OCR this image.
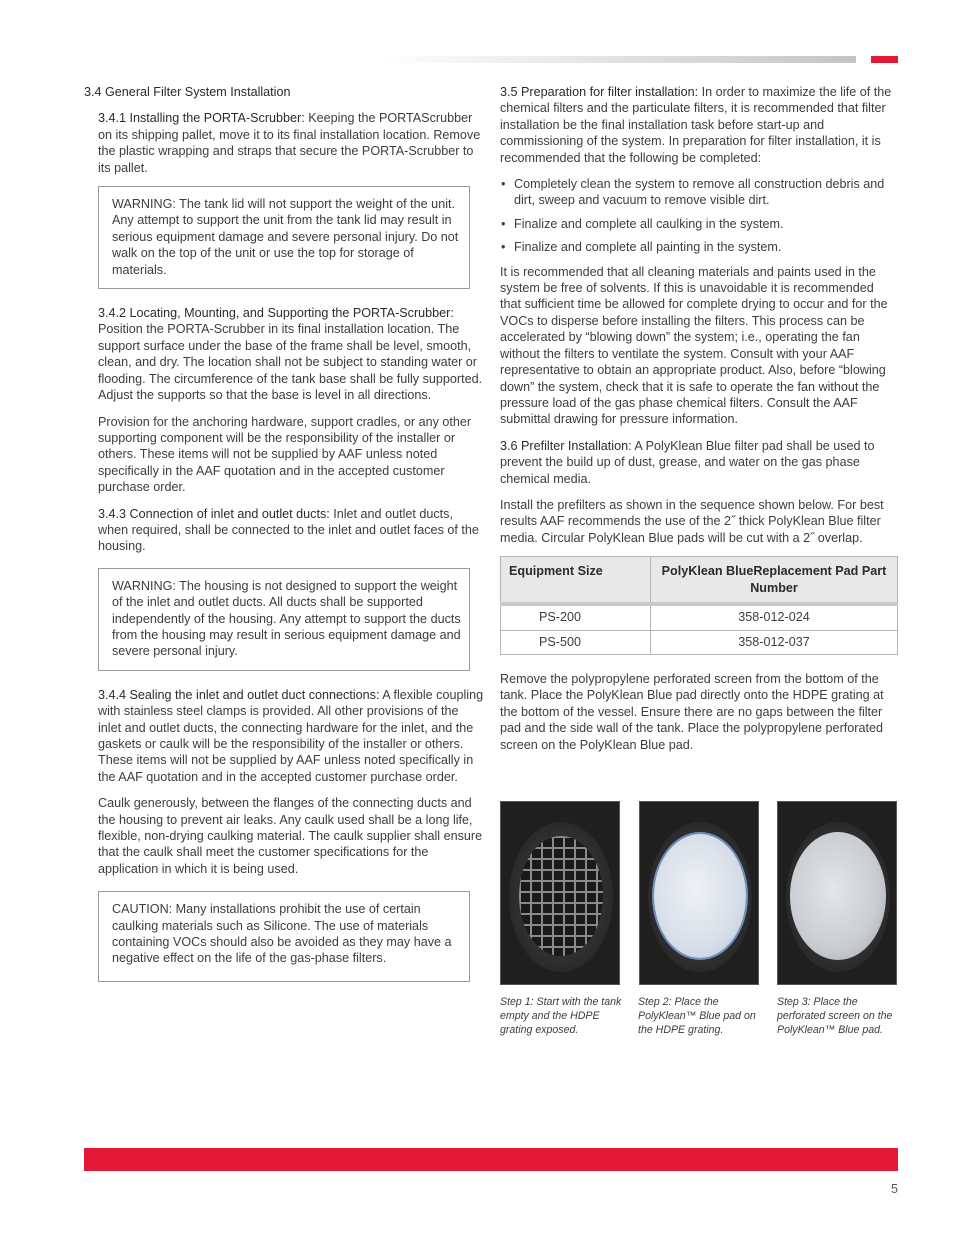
3.4 General Filter System Installation

3.4.1 Installing the PORTA-Scrubber: Keeping the PORTAScrubber on its shipping pallet, move it to its final installation location. Remove the plastic wrapping and straps that secure the PORTA-Scrubber to its pallet.

WARNING: The tank lid will not support the weight of the unit. Any attempt to support the unit from the tank lid may result in serious equipment damage and severe personal injury. Do not walk on the top of the unit or use the top for storage of materials.

3.4.2 Locating, Mounting, and Supporting the PORTA-Scrubber: Position the PORTA-Scrubber in its final installation location. The support surface under the base of the frame shall be level, smooth, clean, and dry. The location shall not be subject to standing water or flooding. The circumference of the tank base shall be fully supported. Adjust the supports so that the base is level in all directions.

Provision for the anchoring hardware, support cradles, or any other supporting component will be the responsibility of the installer or others. These items will not be supplied by AAF unless noted specifically in the AAF quotation and in the accepted customer purchase order.

3.4.3 Connection of inlet and outlet ducts: Inlet and outlet ducts, when required, shall be connected to the inlet and outlet faces of the housing.

WARNING: The housing is not designed to support the weight of the inlet and outlet ducts. All ducts shall be supported independently of the housing. Any attempt to support the ducts from the housing may result in serious equipment damage and severe personal injury.

3.4.4 Sealing the inlet and outlet duct connections: A flexible coupling with stainless steel clamps is provided. All other provisions of the inlet and outlet ducts, the connecting hardware for the inlet, and the gaskets or caulk will be the responsibility of the installer or others. These items will not be supplied by AAF unless noted specifically in the AAF quotation and in the accepted customer purchase order.

Caulk generously, between the flanges of the connecting ducts and the housing to prevent air leaks. Any caulk used shall be a long life, flexible, non-drying caulking material. The caulk supplier shall ensure that the caulk shall meet the customer specifications for the application in which it is being used.

CAUTION: Many installations prohibit the use of certain caulking materials such as Silicone. The use of materials containing VOCs should also be avoided as they may have a negative effect on the life of the gas-phase filters.

3.5 Preparation for filter installation: In order to maximize the life of the chemical filters and the particulate filters, it is recommended that filter installation be the final installation task before start-up and commissioning of the system. In preparation for filter installation, it is recommended that the following be completed:

• Completely clean the system to remove all construction debris and dirt, sweep and vacuum to remove visible dirt.
• Finalize and complete all caulking in the system.
• Finalize and complete all painting in the system.

It is recommended that all cleaning materials and paints used in the system be free of solvents. If this is unavoidable it is recommended that sufficient time be allowed for complete drying to occur and for the VOCs to disperse before installing the filters. This process can be accelerated by “blowing down” the system; i.e., operating the fan without the filters to ventilate the system. Consult with your AAF representative to obtain an appropriate product. Also, before “blowing down” the system, check that it is safe to operate the fan without the pressure load of the gas phase chemical filters. Consult the AAF submittal drawing for pressure information.

3.6 Prefilter Installation: A PolyKlean Blue filter pad shall be used to prevent the build up of dust, grease, and water on the gas phase chemical media.

Install the prefilters as shown in the sequence shown below. For best results AAF recommends the use of the 2˝ thick PolyKlean Blue filter media. Circular PolyKlean Blue pads will be cut with a 2˝ overlap.

Equipment Size	PolyKlean BlueReplacement Pad Part Number
PS-200	358-012-024
PS-500	358-012-037

Remove the polypropylene perforated screen from the bottom of the tank. Place the PolyKlean Blue pad directly onto the HDPE grating at the bottom of the vessel. Ensure there are no gaps between the filter pad and the side wall of the tank. Place the polypropylene perforated screen on the PolyKlean Blue pad.

Step 1: Start with the tank empty and the HDPE grating exposed.
Step 2: Place the PolyKlean™ Blue pad on the HDPE grating.
Step 3: Place the perforated screen on the PolyKlean™ Blue pad.
5
